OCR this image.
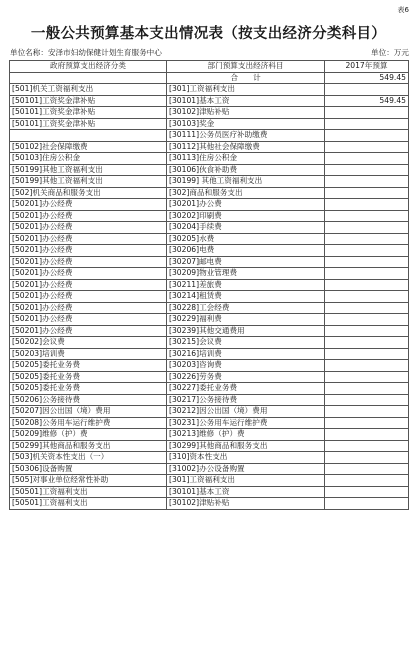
表6
一般公共预算基本支出情况表（按支出经济分类科目）
单位名称：安泽市妇幼保健计划生育服务中心	单位：万元
政府预算支出经济分类	部门预算支出经济科目	2017年预算
	合　　计	549.45
[501]机关工资福利支出	[301]工资福利支出	
[50101]工资奖金津补贴	[30101]基本工资	549.45
[50101]工资奖金津补贴	[30102]津贴补贴	
[50101]工资奖金津补贴	[30103]奖金	
	[30111]公务员医疗补助缴费	
[50102]社会保障缴费	[30112]其他社会保障缴费	
[50103]住房公积金	[30113]住房公积金	
[50199]其他工资福利支出	[30106]伙食补助费	
[50199]其他工资福利支出	[30199] 其他工资福利支出	
[502]机关商品和服务支出	[302]商品和服务支出	
[50201]办公经费	[30201]办公费	
[50201]办公经费	[30202]印刷费	
[50201]办公经费	[30204]手续费	
[50201]办公经费	[30205]水费	
[50201]办公经费	[30206]电费	
[50201]办公经费	[30207]邮电费	
[50201]办公经费	[30209]物业管理费	
[50201]办公经费	[30211]差旅费	
[50201]办公经费	[30214]租赁费	
[50201]办公经费	[30228]工会经费	
[50201]办公经费	[30229]福利费	
[50201]办公经费	[30239]其他交通费用	
[50202]会议费	[30215]会议费	
[50203]培训费	[30216]培训费	
[50205]委托业务费	[30203]咨询费	
[50205]委托业务费	[30226]劳务费	
[50205]委托业务费	[30227]委托业务费	
[50206]公务接待费	[30217]公务接待费	
[50207]因公出国（境）费用	[30212]因公出国（境）费用	
[50208]公务用车运行维护费	[30231]公务用车运行维护费	
[50209]维修（护）费	[30213]维修（护）费	
[50299]其他商品和服务支出	[30299]其他商品和服务支出	
[503]机关资本性支出（一）	[310]资本性支出	
[50306]设备购置	[31002]办公设备购置	
[505]对事业单位经常性补助	[301]工资福利支出	
[50501]工资福利支出	[30101]基本工资	
[50501]工资福利支出	[30102]津贴补贴	
